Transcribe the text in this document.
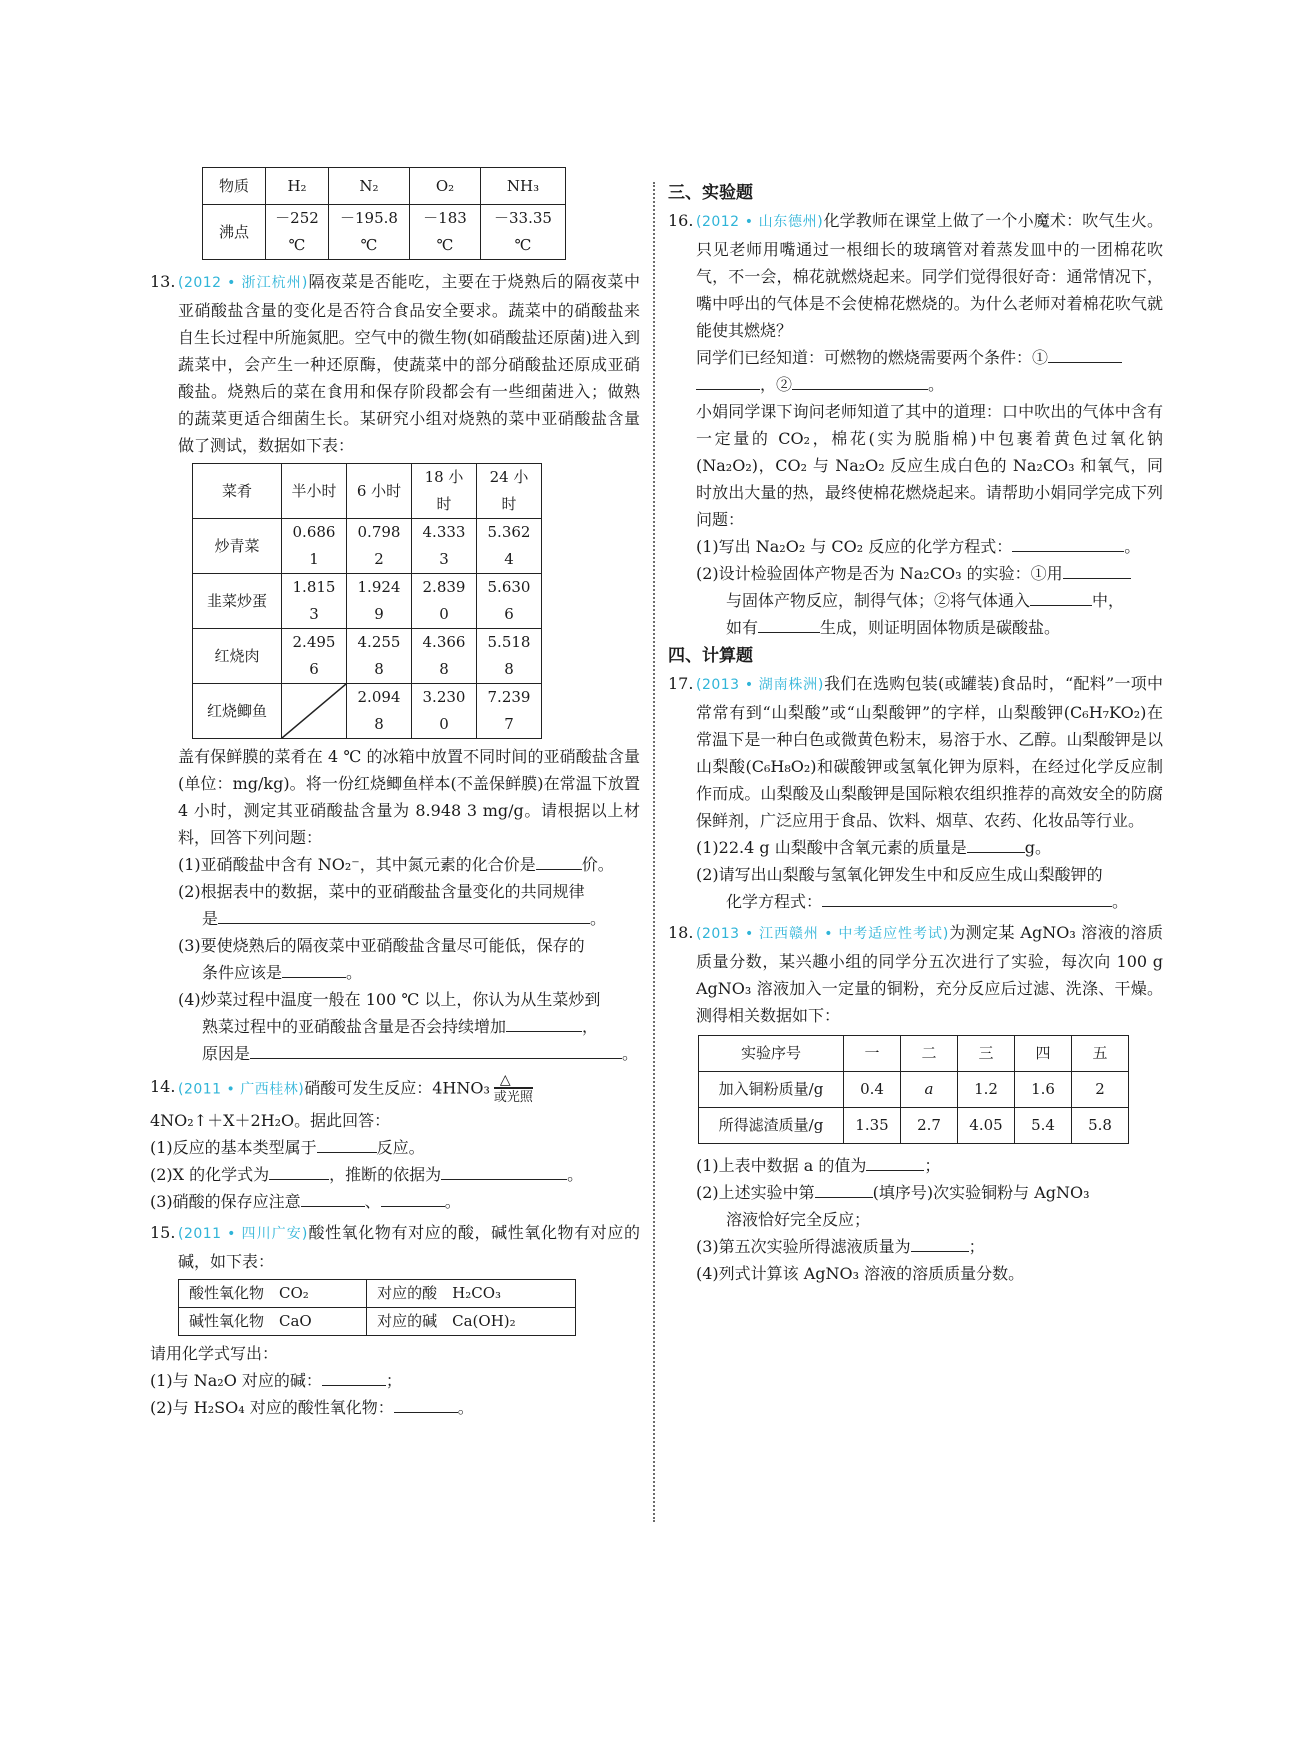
物质	H₂	N₂	O₂	NH₃
沸点	－252 ℃	－195.8 ℃	－183 ℃	－33.35 ℃
13. (2012 • 浙江杭州)隔夜菜是否能吃，主要在于烧熟后的隔夜菜中亚硝酸盐含量的变化是否符合食品安全要求。蔬菜中的硝酸盐来自生长过程中所施氮肥。空气中的微生物(如硝酸盐还原菌)进入到蔬菜中，会产生一种还原酶，使蔬菜中的部分硝酸盐还原成亚硝酸盐。烧熟后的菜在食用和保存阶段都会有一些细菌进入；做熟的蔬菜更适合细菌生长。某研究小组对烧熟的菜中亚硝酸盐含量做了测试，数据如下表：
菜肴	半小时	6 小时	18 小时	24 小时
炒青菜	0.686 1	0.798 2	4.333 3	5.362 4
韭菜炒蛋	1.815 3	1.924 9	2.839 0	5.630 6
红烧肉	2.495 6	4.255 8	4.366 8	5.518 8
红烧鲫鱼		2.094 8	3.230 0	7.239 7
盖有保鲜膜的菜肴在 4 ℃ 的冰箱中放置不同时间的亚硝酸盐含量(单位：mg/kg)。将一份红烧鲫鱼样本(不盖保鲜膜)在常温下放置 4 小时，测定其亚硝酸盐含量为 8.948 3 mg/g。请根据以上材料，回答下列问题：
(1)亚硝酸盐中含有 NO₂⁻，其中氮元素的化合价是	价。
(2)根据表中的数据，菜中的亚硝酸盐含量变化的共同规律
是	。
(3)要使烧熟后的隔夜菜中亚硝酸盐含量尽可能低，保存的
条件应该是	。
(4)炒菜过程中温度一般在 100 ℃ 以上，你认为从生菜炒到
熟菜过程中的亚硝酸盐含量是否会持续增加	，
原因是	。
14. (2011 • 广西桂林)硝酸可发生反应：$4HNO_3 \frac{\triangle}{\text{或光照}}$
4NO₂↑＋X＋2H₂O。据此回答：
(1)反应的基本类型属于	反应。
(2)X 的化学式为	，推断的依据为	。
(3)硝酸的保存应注意	、	。
15. (2011 • 四川广安)酸性氧化物有对应的酸，碱性氧化物有对应的碱，如下表：
酸性氧化物　CO₂	对应的酸　H₂CO₃
碱性氧化物　CaO	对应的碱　Ca(OH)₂
请用化学式写出：
(1)与 Na₂O 对应的碱：	；
(2)与 H₂SO₄ 对应的酸性氧化物：	。
三、实验题
16. (2012 • 山东德州)化学教师在课堂上做了一个小魔术：吹气生火。只见老师用嘴通过一根细长的玻璃管对着蒸发皿中的一团棉花吹气，不一会，棉花就燃烧起来。同学们觉得很好奇：通常情况下，嘴中呼出的气体是不会使棉花燃烧的。为什么老师对着棉花吹气就能使其燃烧？
同学们已经知道：可燃物的燃烧需要两个条件：①
，②	。
小娟同学课下询问老师知道了其中的道理：口中吹出的气体中含有一定量的 CO₂，棉花(实为脱脂棉)中包裹着黄色过氧化钠(Na₂O₂)，CO₂ 与 Na₂O₂ 反应生成白色的 Na₂CO₃ 和氧气，同时放出大量的热，最终使棉花燃烧起来。请帮助小娟同学完成下列问题：
(1)写出 Na₂O₂ 与 CO₂ 反应的化学方程式：	。
(2)设计检验固体产物是否为 Na₂CO₃ 的实验：①用
与固体产物反应，制得气体；②将气体通入	中，
如有	生成，则证明固体物质是碳酸盐。
四、计算题
17. (2013 • 湖南株洲)我们在选购包装(或罐装)食品时，“配料”一项中常常有到“山梨酸”或“山梨酸钾”的字样，山梨酸钾(C₆H₇KO₂)在常温下是一种白色或微黄色粉末，易溶于水、乙醇。山梨酸钾是以山梨酸(C₆H₈O₂)和碳酸钾或氢氧化钾为原料，在经过化学反应制作而成。山梨酸及山梨酸钾是国际粮农组织推荐的高效安全的防腐保鲜剂，广泛应用于食品、饮料、烟草、农药、化妆品等行业。
(1)22.4 g 山梨酸中含氧元素的质量是	g。
(2)请写出山梨酸与氢氧化钾发生中和反应生成山梨酸钾的
化学方程式：	。
18. (2013 • 江西赣州 • 中考适应性考试)为测定某 AgNO₃ 溶液的溶质质量分数，某兴趣小组的同学分五次进行了实验，每次向 100 g AgNO₃ 溶液加入一定量的铜粉，充分反应后过滤、洗涤、干燥。测得相关数据如下：
实验序号	一	二	三	四	五
加入铜粉质量/g	0.4	a	1.2	1.6	2
所得滤渣质量/g	1.35	2.7	4.05	5.4	5.8
(1)上表中数据 a 的值为	；
(2)上述实验中第	(填序号)次实验铜粉与 AgNO₃
溶液恰好完全反应；
(3)第五次实验所得滤液质量为	；
(4)列式计算该 AgNO₃ 溶液的溶质质量分数。
